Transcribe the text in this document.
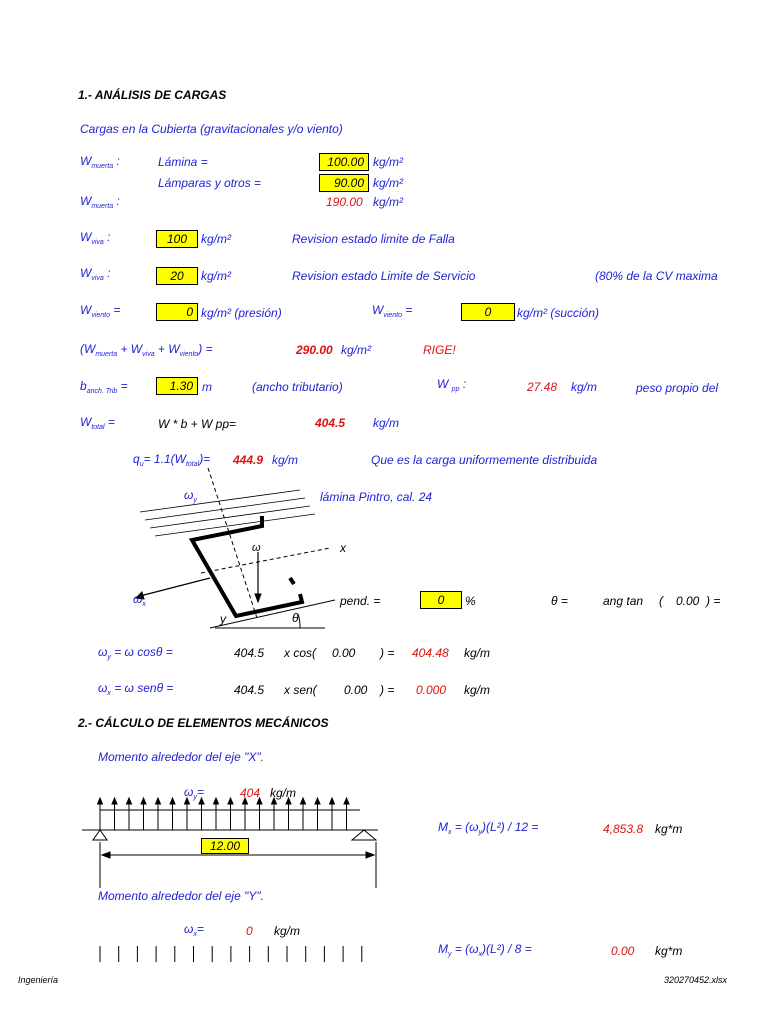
1.- ANÁLISIS DE CARGAS
Cargas en la Cubierta (gravitacionales y/o viento)
$W_{muerta}$ :	Lámina =	100.00 kg/m²
Lámparas y otros =	90.00 kg/m²
$W_{muerta}$ :	190.00 kg/m²
$W_{viva}$ :	100	kg/m²	Revision estado limite de Falla
$W_{viva}$ :	20	kg/m²	Revision estado Limite de Servicio	(80% de la CV maxima
$W_{viento}$ =	0 kg/m² (presión)	$W_{viento}$ =	0	kg/m² (succión)
$(W_{muerta} + W_{viva} + W_{viento})$ =	290.00 kg/m²	RIGE!
$b_{anch. Trib}$ =	1.30 m	(ancho tributario)	W $_{pp}$ :	27.48 kg/m	peso propio del
$W_{total}$ =	W * b + W pp=	404.5 kg/m
$q_u= 1.1(W_{total})= 444.9$ kg/m	Que es la carga uniformemente distribuida
$\omega_y$	lámina Pintro, cal. 24
x
ω
$\omega_x$
y	θ
pend. =	0	%	θ =	ang tan ( 0.00 ) =
$\omega_y = \omega$ cosθ =	404.5 x cos( 0.00 ) = 404.48 kg/m
$\omega_x = \omega$ senθ =	404.5 x sen( 0.00 ) = 0.000 kg/m
2.- CÁLCULO DE ELEMENTOS MECÁNICOS
Momento alrededor del eje "X".
$\omega_y=$	404 kg/m
12.00
$M_x = (\omega_y)(L^2) / 12$ =	4,853.8 kg*m
Momento alrededor del eje "Y".
$\omega_x=$	0 kg/m
$M_y = (\omega_x)(L^2) / 8$ =	0.00 kg*m
Ingeniería	320270452.xlsx
